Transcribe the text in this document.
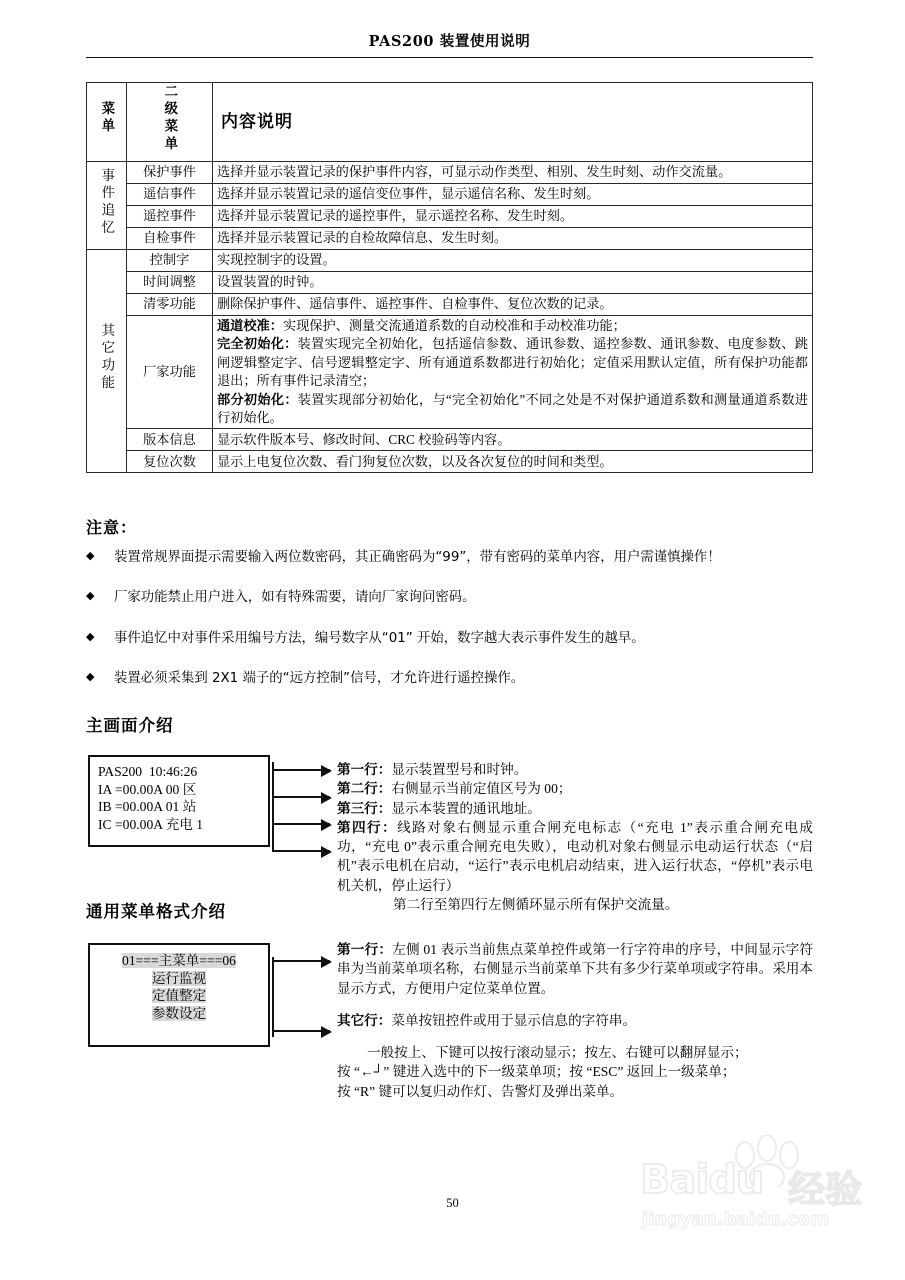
PAS200 装置使用说明
菜单	二级菜单	内容说明
事件追忆	保护事件	选择并显示装置记录的保护事件内容，可显示动作类型、相别、发生时刻、动作交流量。
	遥信事件	选择并显示装置记录的遥信变位事件，显示遥信名称、发生时刻。
	遥控事件	选择并显示装置记录的遥控事件，显示遥控名称、发生时刻。
	自检事件	选择并显示装置记录的自检故障信息、发生时刻。
其它功能	控制字	实现控制字的设置。
	时间调整	设置装置的时钟。
	清零功能	删除保护事件、遥信事件、遥控事件、自检事件、复位次数的记录。
	厂家功能	通道校准：实现保护、测量交流通道系数的自动校准和手动校准功能；
完全初始化：装置实现完全初始化，包括遥信参数、通讯参数、遥控参数、通讯参数、电度参数、跳闸逻辑整定字、信号逻辑整定字、所有通道系数都进行初始化；定值采用默认定值，所有保护功能都退出；所有事件记录清空；
部分初始化：装置实现部分初始化，与“完全初始化”不同之处是不对保护通道系数和测量通道系数进行初始化。

	版本信息	显示软件版本号、修改时间、CRC 校验码等内容。
	复位次数	显示上电复位次数、看门狗复位次数，以及各次复位的时间和类型。
注意：
◆	装置常规界面提示需要输入两位数密码，其正确密码为“99”，带有密码的菜单内容，用户需谨慎操作！
◆	厂家功能禁止用户进入，如有特殊需要，请向厂家询问密码。
◆	事件追忆中对事件采用编号方法，编号数字从“01” 开始，数字越大表示事件发生的越早。
◆	装置必须采集到 2X1 端子的“远方控制”信号，才允许进行遥控操作。
主画面介绍
PAS200  10:46:26
IA =00.00A 00 区
IB =00.00A 01 站
IC =00.00A 充电 1
第一行：显示装置型号和时钟。
第二行：右侧显示当前定值区号为 00；
第三行：显示本装置的通讯地址。
第四行：线路对象右侧显示重合闸充电标志（“充电 1”表示重合闸充电成功，“充电 0”表示重合闸充电失败），电动机对象右侧显示电动运行状态（“启机”表示电机在启动，“运行”表示电机启动结束，进入运行状态，“停机”表示电机关机，停止运行）
第二行至第四行左侧循环显示所有保护交流量。
通用菜单格式介绍
01===主菜单===06
运行监视
定值整定
参数设定
第一行：左侧 01 表示当前焦点菜单控件或第一行字符串的序号，中间显示字符串为当前菜单项名称，右侧显示当前菜单下共有多少行菜单项或字符串。采用本显示方式，方便用户定位菜单位置。
其它行：菜单按钮控件或用于显示信息的字符串。
一般按上、下键可以按行滚动显示；按左、右键可以翻屏显示；
按 “←┘” 键进入选中的下一级菜单项；按 “ESC” 返回上一级菜单；
按 “R” 键可以复归动作灯、告警灯及弹出菜单。
50	Baidu 经验
jingyan.baidu.com
